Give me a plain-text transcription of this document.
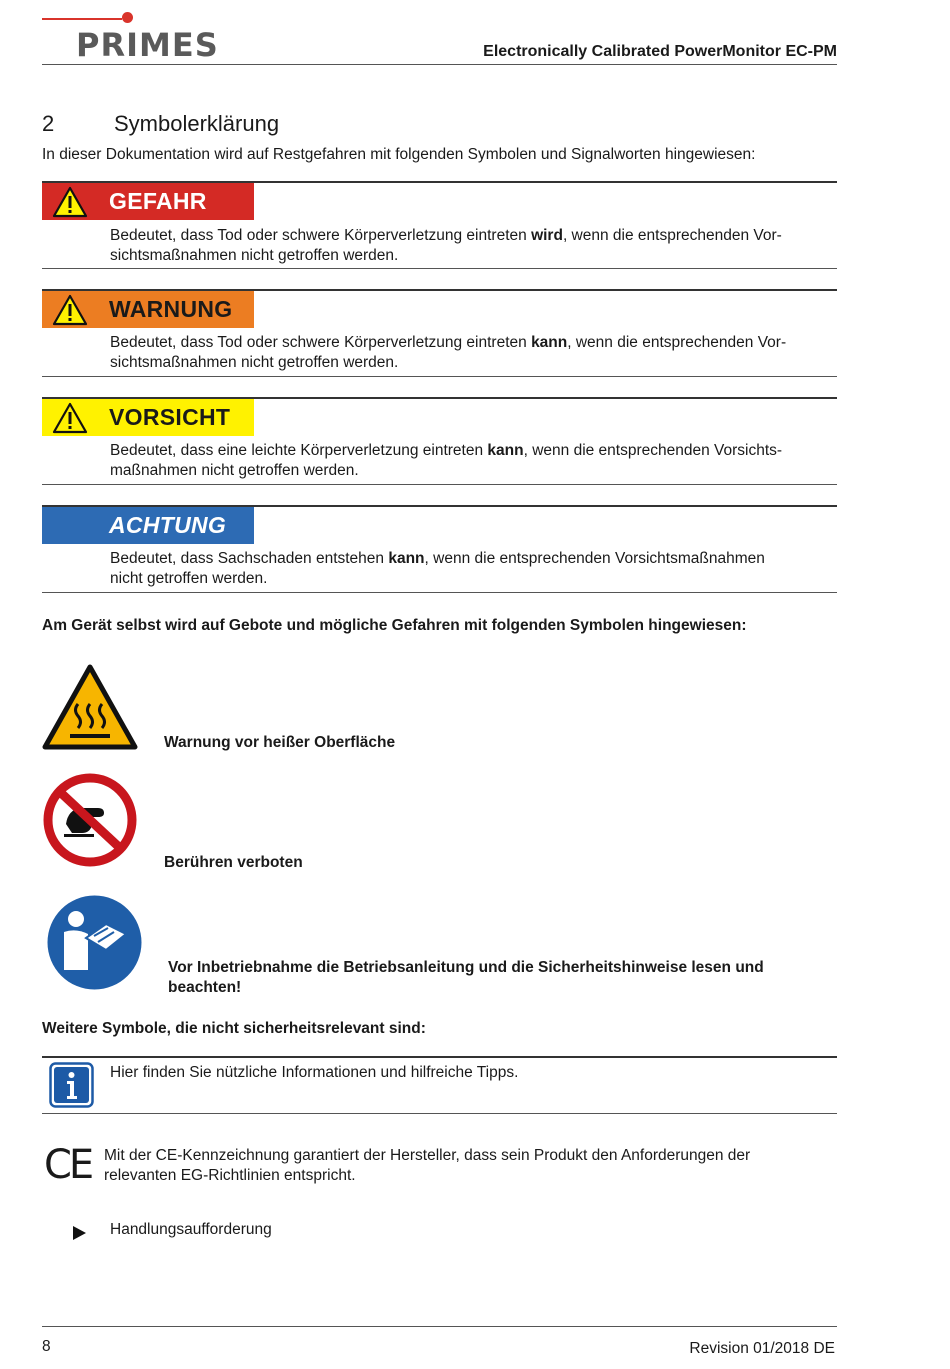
PRIMES	Electronically Calibrated PowerMonitor EC-PM
2	Symbolerklärung
In dieser Dokumentation wird auf Restgefahren mit folgenden Symbolen und Signalworten hingewiesen:
GEFAHR
Bedeutet, dass Tod oder schwere Körperverletzung eintreten wird, wenn die entsprechenden Vor-
sichtsmaßnahmen nicht getroffen werden.
WARNUNG
Bedeutet, dass Tod oder schwere Körperverletzung eintreten kann, wenn die entsprechenden Vor-
sichtsmaßnahmen nicht getroffen werden.
VORSICHT
Bedeutet, dass eine leichte Körperverletzung eintreten kann, wenn die entsprechenden Vorsichts-
maßnahmen nicht getroffen werden.
ACHTUNG
Bedeutet, dass Sachschaden entstehen kann, wenn die entsprechenden Vorsichtsmaßnahmen
nicht getroffen werden.
Am Gerät selbst wird auf Gebote und mögliche Gefahren mit folgenden Symbolen hingewiesen:
Warnung vor heißer Oberfläche
Berühren verboten
Vor Inbetriebnahme die Betriebsanleitung und die Sicherheitshinweise lesen und
beachten!
Weitere Symbole, die nicht sicherheitsrelevant sind:
Hier finden Sie nützliche Informationen und hilfreiche Tipps.
CE Mit der CE-Kennzeichnung garantiert der Hersteller, dass sein Produkt den Anforderungen der
relevanten EG-Richtlinien entspricht.
Handlungsaufforderung
8	Revision 01/2018 DE
